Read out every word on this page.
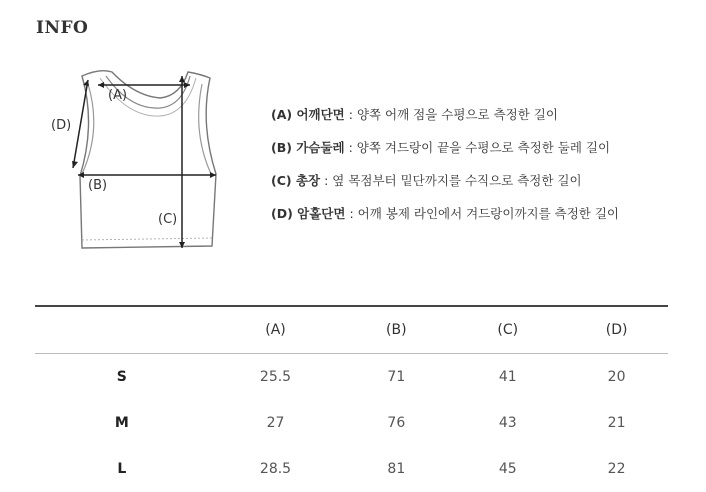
INFO
(A)
(B)
(C)
(D)
(A) 어깨단면 : 양쪽 어깨 점을 수평으로 측정한 길이
(B) 가슴둘레 : 양쪽 겨드랑이 끝을 수평으로 측정한 둘레 길이
(C) 총장 : 옆 목점부터 밑단까지를 수직으로 측정한 길이
(D) 암홀단면 : 어깨 봉제 라인에서 겨드랑이까지를 측정한 길이

	(A)	(B)	(C)	(D)
S	25.5	71	41	20
M	27	76	43	21
L	28.5	81	45	22
